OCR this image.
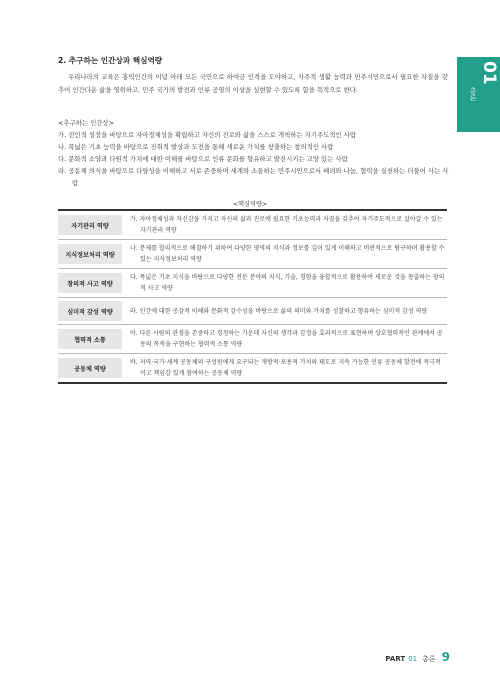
01
총론
2. 추구하는 인간상과 핵심역량

우리나라의 교육은 홍익인간의 이념 아래 모든 국민으로 하여금 인격을 도야하고, 자주적 생활 능력과 민주시민으로서 필요한 자질을 갖추어 인간다운 삶을 영위하고, 민주 국가의 발전과 인류 공영의 이상을 실현할 수 있도록 함을 목적으로 한다.

<추구하는 인간상>

가. 전인적 성장을 바탕으로 자아정체성을 확립하고 자신의 진로와 삶을 스스로 개척하는 자기주도적인 사람
나. 폭넓은 기초 능력을 바탕으로 진취적 발상과 도전을 통해 새로운 가치를 창출하는 창의적인 사람
다. 문화적 소양과 다원적 가치에 대한 이해를 바탕으로 인류 문화를 향유하고 발전시키는 교양 있는 사람
라. 공동체 의식을 바탕으로 다양성을 이해하고 서로 존중하며 세계와 소통하는 민주시민으로서 배려와 나눔, 협력을 실천하는 더불어 사는 사람

<핵심역량>

자기관리 역량	가. 자아정체성과 자신감을 가지고 자신의 삶과 진로에 필요한 기초능력과 자질을 갖추어 자기주도적으로 살아갈 수 있는 자기관리 역량

지식정보처리 역량	나. 문제를 합리적으로 해결하기 위하여 다양한 영역의 지식과 정보를 깊이 있게 이해하고 비판적으로 탐구하며 활용할 수 있는 지식정보처리 역량

창의적 사고 역량	다. 폭넓은 기초 지식을 바탕으로 다양한 전문 분야의 지식, 기술, 경험을 융합적으로 활용하여 새로운 것을 창출하는 창의적 사고 역량

심미적 감성 역량	라. 인간에 대한 공감적 이해와 문화적 감수성을 바탕으로 삶의 의미와 가치를 성찰하고 향유하는 심미적 감성 역량

협력적 소통	마. 다른 사람의 관점을 존중하고 경청하는 가운데 자신의 생각과 감정을 효과적으로 표현하며 상호협력적인 관계에서 공동의 목적을 구현하는 협력적 소통 역량

공동체 역량	바. 지역·국가·세계 공동체의 구성원에게 요구되는 개방적·포용적 가치와 태도로 지속 가능한 인류 공동체 발전에 적극적이고 책임감 있게 참여하는 공동체 역량
PART 01 총론 9
